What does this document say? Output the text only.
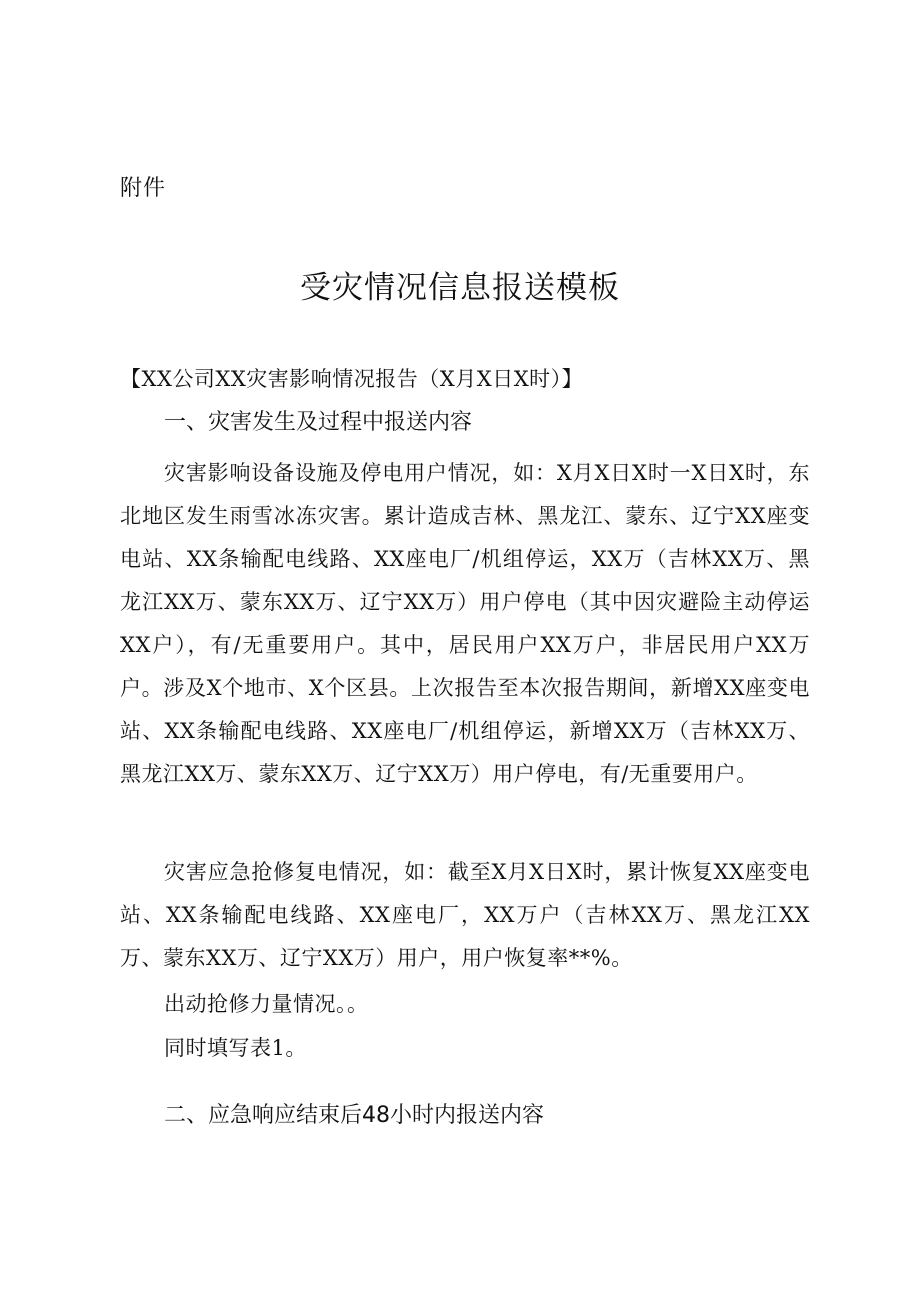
附件
受灾情况信息报送模板
【XX公司XX灾害影响情况报告（X月X日X时）】
一、灾害发生及过程中报送内容

灾害影响设备设施及停电用户情况，如：X月X日X时一X日X时，东北地区发生雨雪冰冻灾害。累计造成吉林、黑龙江、蒙东、辽宁XX座变电站、XX条输配电线路、XX座电厂/机组停运，XX万（吉林XX万、黑龙江XX万、蒙东XX万、辽宁XX万）用户停电（其中因灾避险主动停运XX户），有/无重要用户。其中，居民用户XX万户，非居民用户XX万户。涉及X个地市、X个区县。上次报告至本次报告期间，新增XX座变电站、XX条输配电线路、XX座电厂/机组停运，新增XX万（吉林XX万、黑龙江XX万、蒙东XX万、辽宁XX万）用户停电，有/无重要用户。

灾害应急抢修复电情况，如：截至X月X日X时，累计恢复XX座变电站、XX条输配电线路、XX座电厂，XX万户（吉林XX万、黑龙江XX万、蒙东XX万、辽宁XX万）用户，用户恢复率**%。

出动抢修力量情况。。

同时填写表1。

二、应急响应结束后48小时内报送内容
